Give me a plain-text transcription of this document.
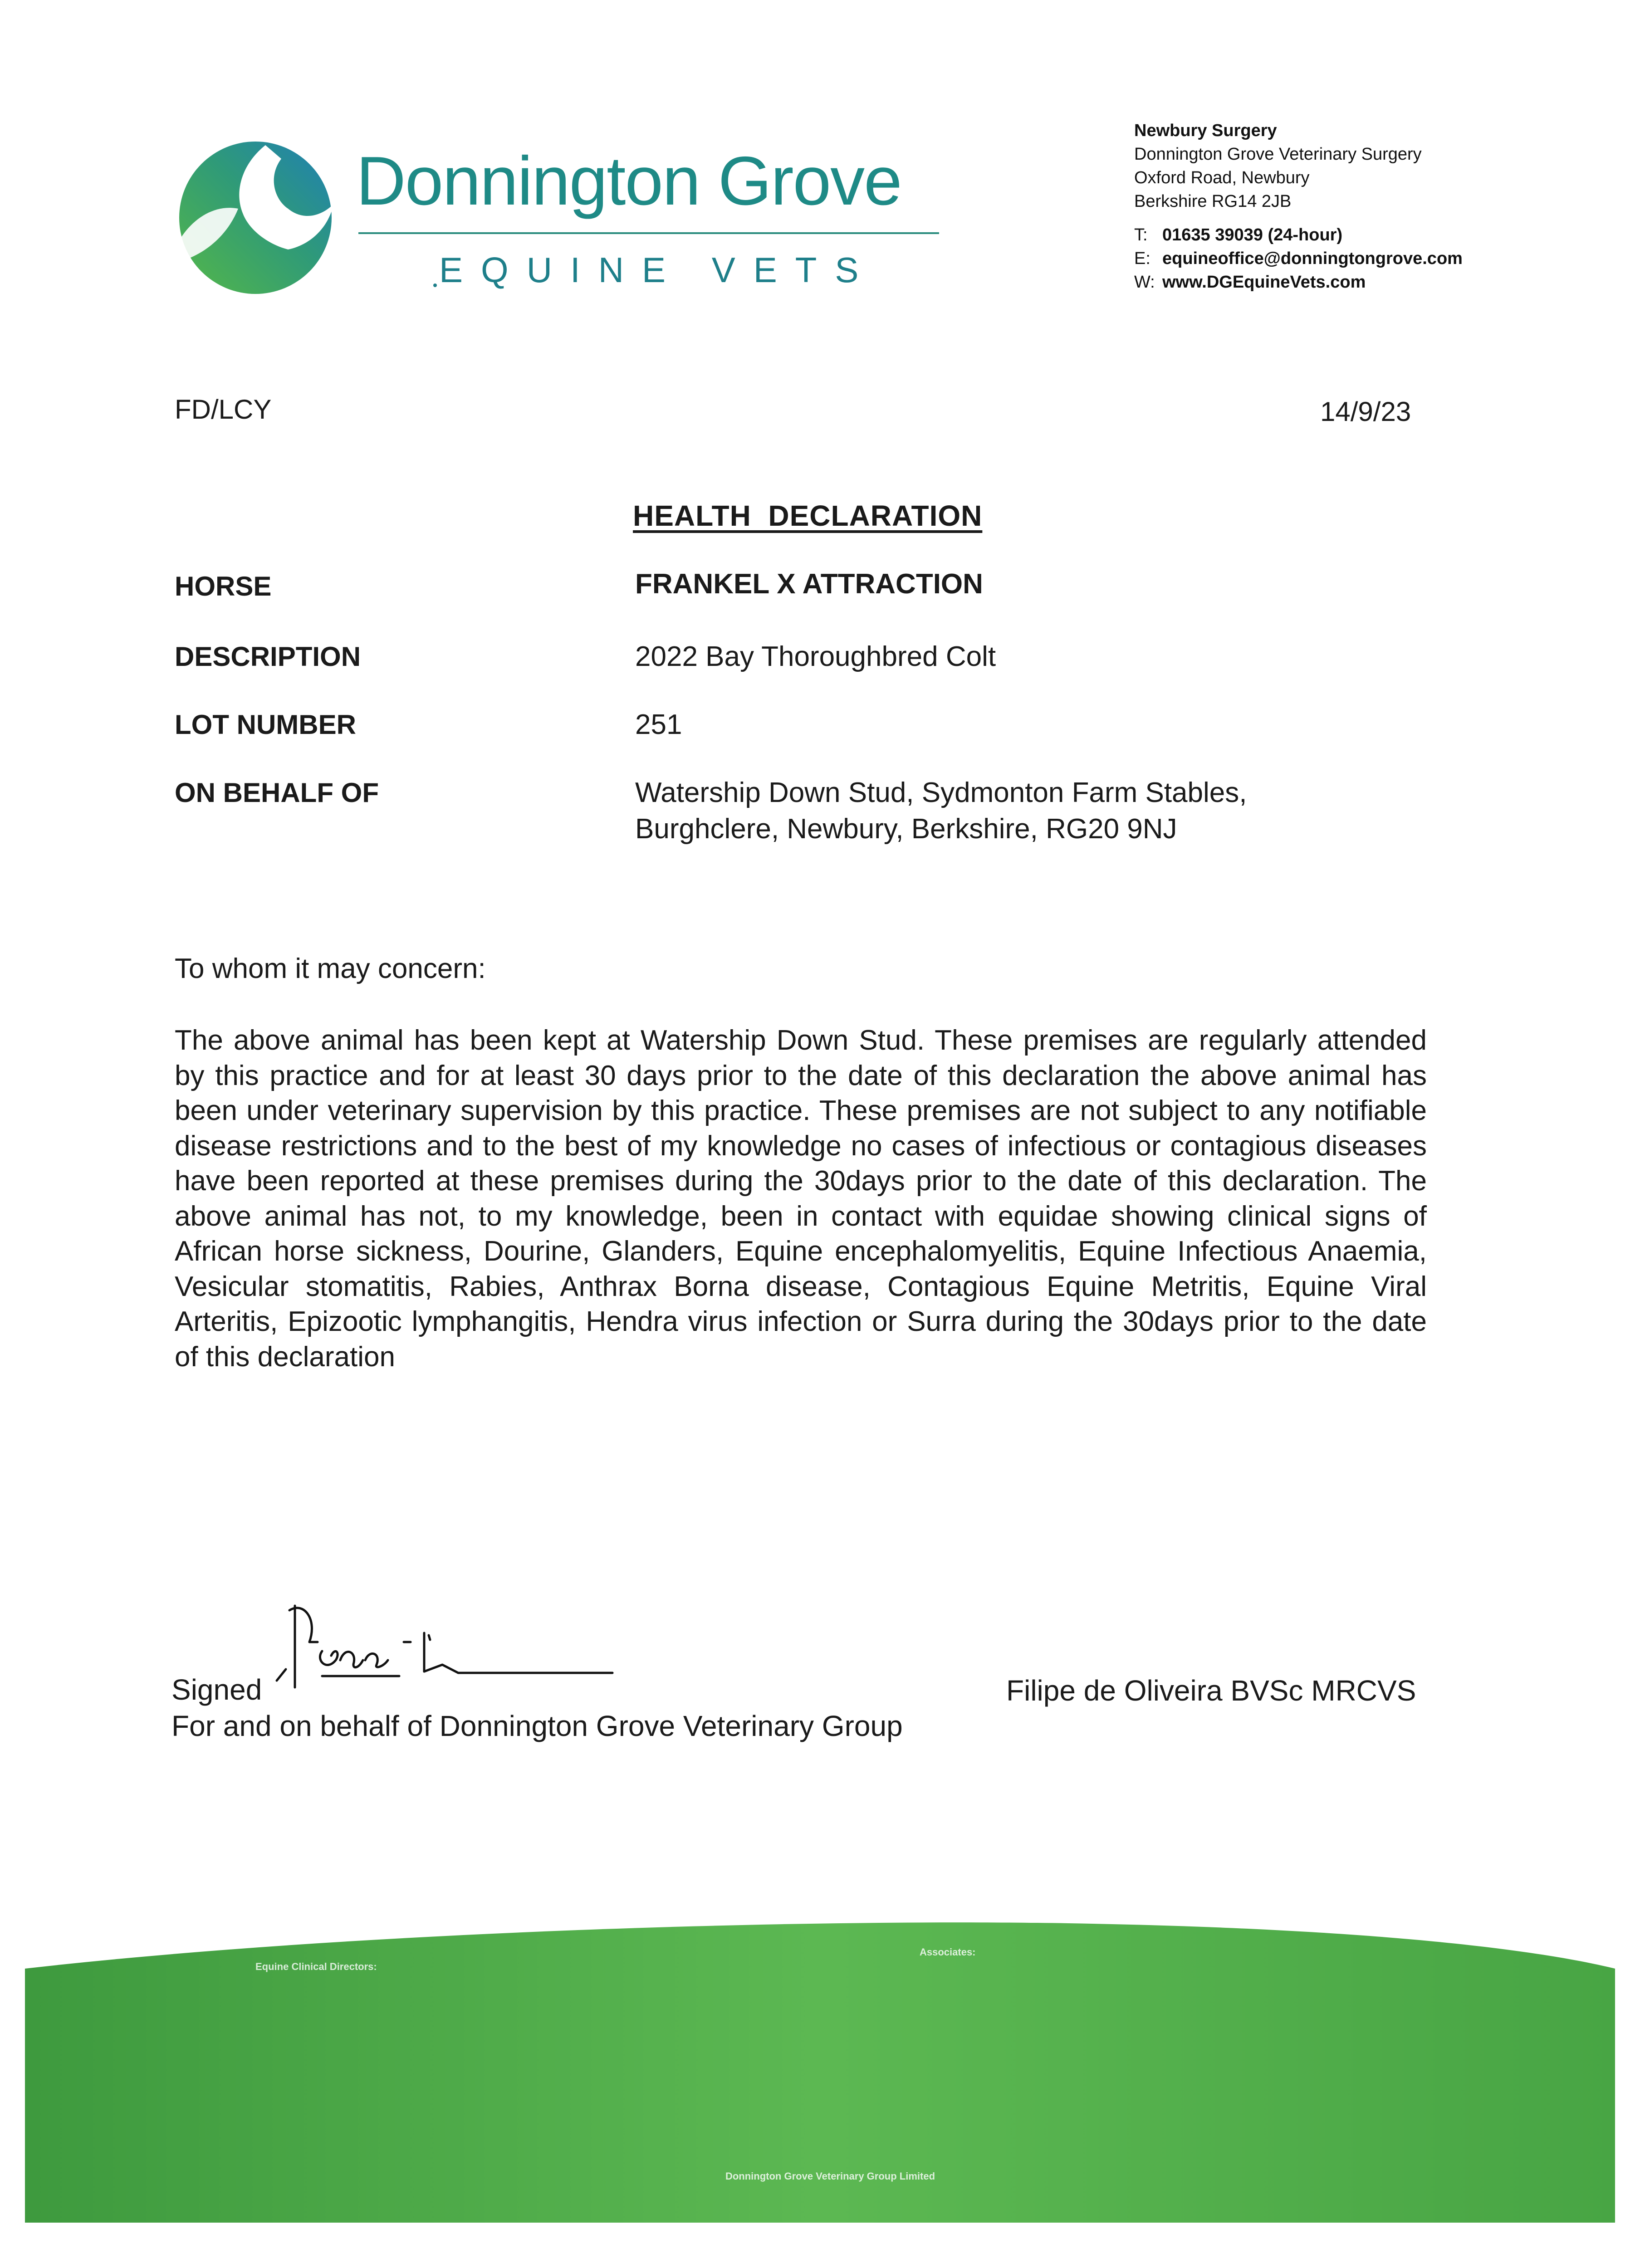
Donnington Grove
EQUINE VETS
Newbury Surgery
Donnington Grove Veterinary Surgery
Oxford Road, Newbury
Berkshire RG14 2JB
T: 01635 39039 (24-hour)
E: equineoffice@donningtongrove.com
W: www.DGEquineVets.com
FD/LCY	14/9/23
HEALTH  DECLARATION
HORSE	FRANKEL X ATTRACTION
DESCRIPTION	2022 Bay Thoroughbred Colt
LOT NUMBER	251
ON BEHALF OF	Watership Down Stud, Sydmonton Farm Stables,
Burghclere, Newbury, Berkshire, RG20 9NJ
To whom it may concern:
The above animal has been kept at Watership Down Stud. These premises are regularly attended by this practice and for at least 30 days prior to the date of this declaration the above animal has been under veterinary supervision by this practice. These premises are not subject to any notifiable disease restrictions and to the best of my knowledge no cases of infectious or contagious diseases have been reported at these premises during the 30days prior to the date of this declaration. The above animal has not, to my knowledge, been in contact with equidae showing clinical signs of African horse sickness, Dourine, Glanders, Equine encephalomyelitis, Equine Infectious Anaemia, Vesicular stomatitis, Rabies, Anthrax Borna disease, Contagious Equine Metritis, Equine Viral Arteritis, Epizootic lymphangitis, Hendra virus infection or Surra during the 30days prior to the date of this declaration
Signed
For and on behalf of Donnington Grove Veterinary Group
Filipe de Oliveira BVSc MRCVS
Equine Clinical Directors:
Associates:
Donnington Grove Veterinary Group Limited
